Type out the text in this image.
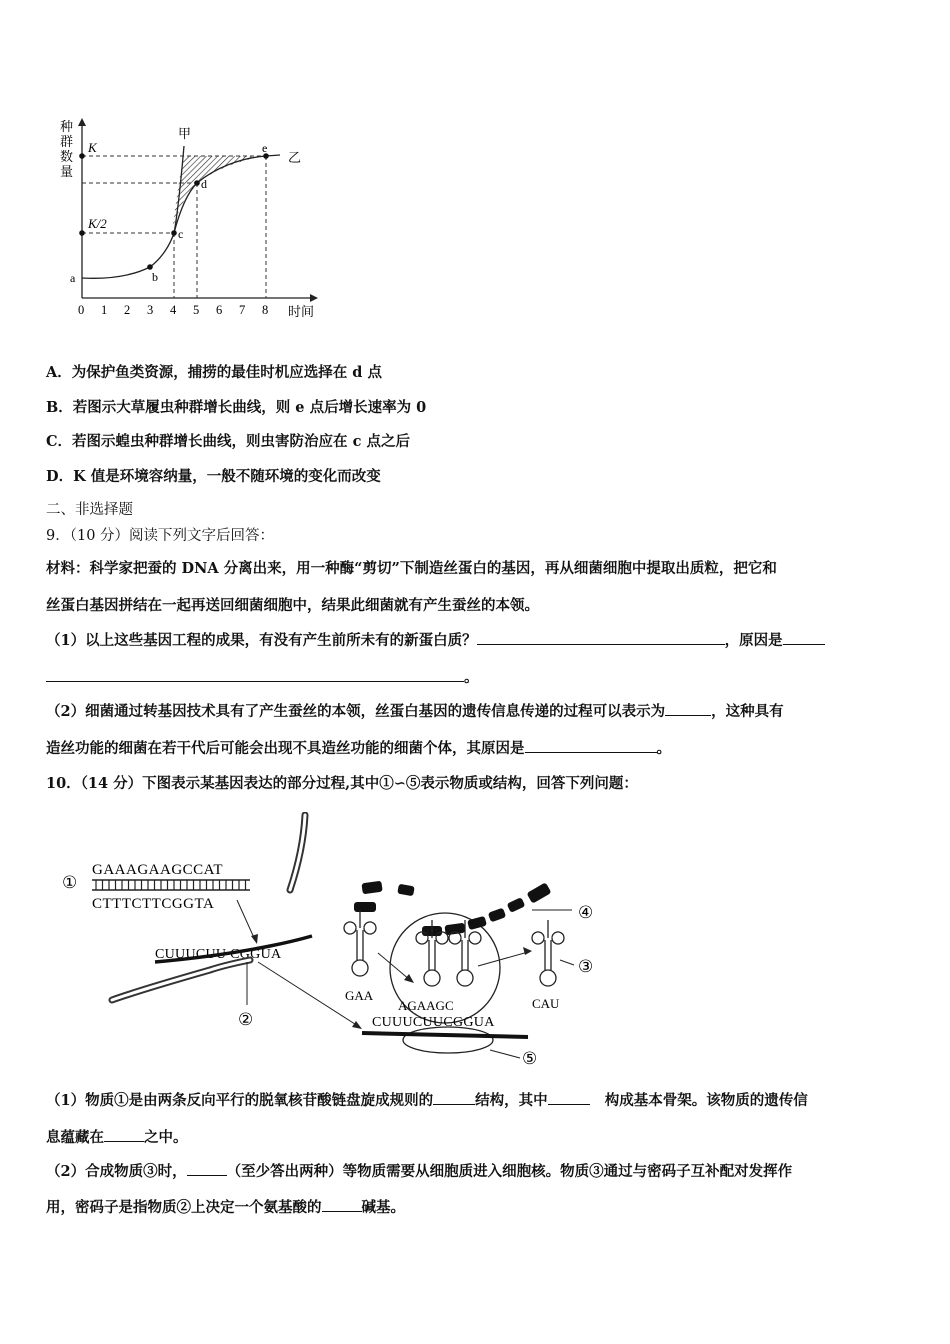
种
群
数
量
K
K/2
甲
乙
a	b
c
d
e
0 1 2 3 4 5 6 7 8 时间
A．为保护鱼类资源，捕捞的最佳时机应选择在 d 点
B．若图示大草履虫种群增长曲线，则 e 点后增长速率为 0
C．若图示蝗虫种群增长曲线，则虫害防治应在 c 点之后
D．K 值是环境容纳量，一般不随环境的变化而改变
二、非选择题
9．（10 分）阅读下列文字后回答：
材料：科学家把蚕的 DNA 分离出来，用一种酶“剪切”下制造丝蛋白的基因，再从细菌细胞中提取出质粒，把它和
丝蛋白基因拼结在一起再送回细菌细胞中，结果此细菌就有产生蚕丝的本领。
（1）以上这些基因工程的成果，有没有产生前所未有的新蛋白质？	，原因是
。
（2）细菌通过转基因技术具有了产生蚕丝的本领，丝蛋白基因的遗传信息传递的过程可以表示为	，这种具有
造丝功能的细菌在若干代后可能会出现不具造丝功能的细菌个体，其原因是	。
10．（14 分）下图表示某基因表达的部分过程,其中①∽⑤表示物质或结构，回答下列问题：
①
GAAAGAAGCCAT
CTTTCTTCGGTA
CUUUCUU CGGUA
②	CUUUCUUCGGUA
⑤
④
GAA
AGAAGC	CAU
③
（1）物质①是由两条反向平行的脱氧核苷酸链盘旋成规则的	结构，其中	构成基本骨架。该物质的遗传信
息蕴藏在	之中。
（2）合成物质③时，	（至少答出两种）等物质需要从细胞质进入细胞核。物质③通过与密码子互补配对发挥作
用，密码子是指物质②上决定一个氨基酸的	碱基。
